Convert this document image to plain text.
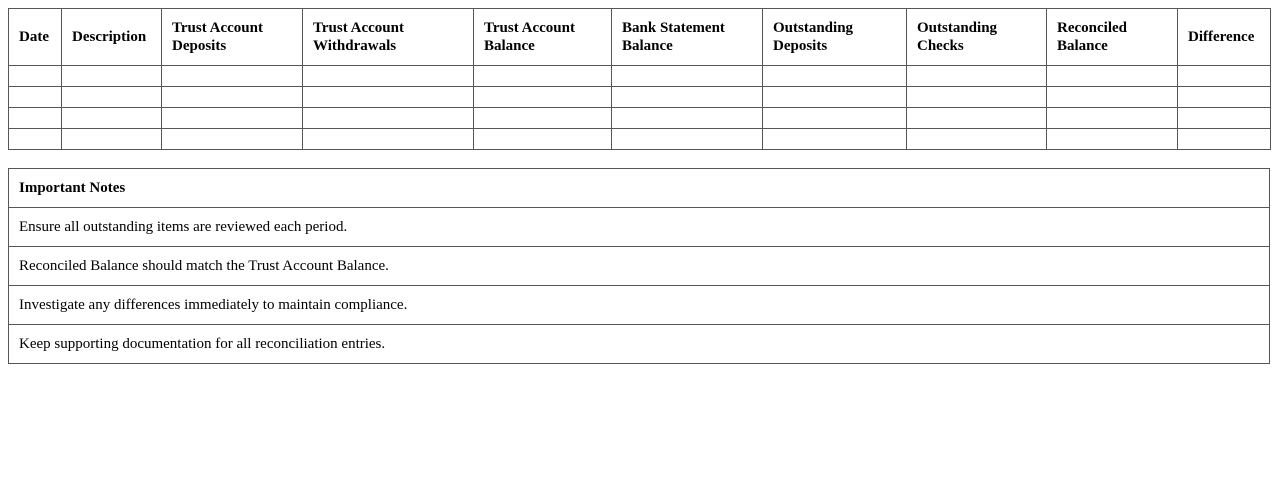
Date	Description	Trust Account Deposits	Trust Account Withdrawals	Trust Account Balance	Bank Statement Balance	Outstanding Deposits	Outstanding Checks	Reconciled Balance	Difference

Important Notes
Ensure all outstanding items are reviewed each period.
Reconciled Balance should match the Trust Account Balance.
Investigate any differences immediately to maintain compliance.
Keep supporting documentation for all reconciliation entries.
